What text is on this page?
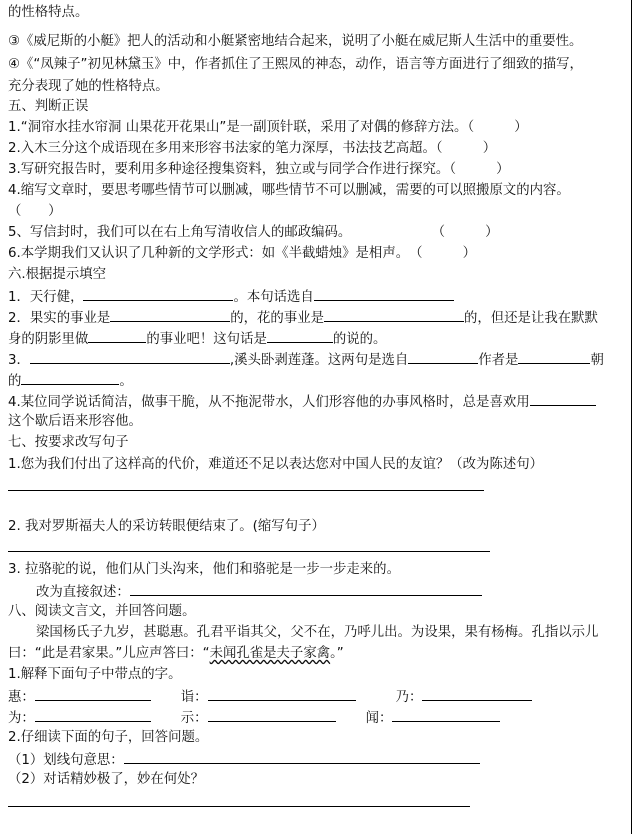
的性格特点。
③《威尼斯的小艇》把人的活动和小艇紧密地结合起来，说明了小艇在威尼斯人生活中的重要性。
④《“凤辣子”初见林黛玉》中，作者抓住了王熙凤的神态，动作，语言等方面进行了细致的描写，
充分表现了她的性格特点。
五、判断正误
1.“洞帘水挂水帘洞 山果花开花果山”是一副顶针联，采用了对偶的修辞方法。（　　　）
2.入木三分这个成语现在多用来形容书法家的笔力深厚，书法技艺高超。（　　　）
3.写研究报告时，要利用多种途径搜集资料，独立或与同学合作进行探究。（　　　）
4.缩写文章时，要思考哪些情节可以删减，哪些情节不可以删减，需要的可以照搬原文的内容。
（　　）
5、写信封时，我们可以在右上角写清收信人的邮政编码。　　　　　　　（　　　）
6.本学期我们又认识了几种新的文学形式：如《半截蜡烛》是相声。　（　　　）
六.根据提示填空
1．天行健，	。本句话选自
2．果实的事业是	的，花的事业是	的，但还是让我在默默
身的阴影里做	的事业吧！这句话是	的说的。
3．	,溪头卧剥莲蓬。这两句是选自	作者是	朝
的	。
4.某位同学说话简洁，做事干脆，从不拖泥带水，人们形容他的办事风格时，总是喜欢用
这个歇后语来形容他。
七、按要求改写句子
1.您为我们付出了这样高的代价，难道还不足以表达您对中国人民的友谊？（改为陈述句）
2. 我对罗斯福夫人的采访转眼便结束了。(缩写句子）
3. 拉骆驼的说，他们从门头沟来，他们和骆驼是一步一步走来的。
改为直接叙述：
八、阅读文言文，并回答问题。
梁国杨氏子九岁，甚聪惠。孔君平诣其父，父不在，乃呼儿出。为设果，果有杨梅。孔指以示儿
曰：“此是君家果。”儿应声答曰：“未闻孔雀是夫子家禽。”
1.解释下面句子中带点的字。
惠：	诣：	乃：
为：	示：	闻：
2.仔细读下面的句子，回答问题。
（1）划线句意思：
（2）对话精妙极了，妙在何处？
